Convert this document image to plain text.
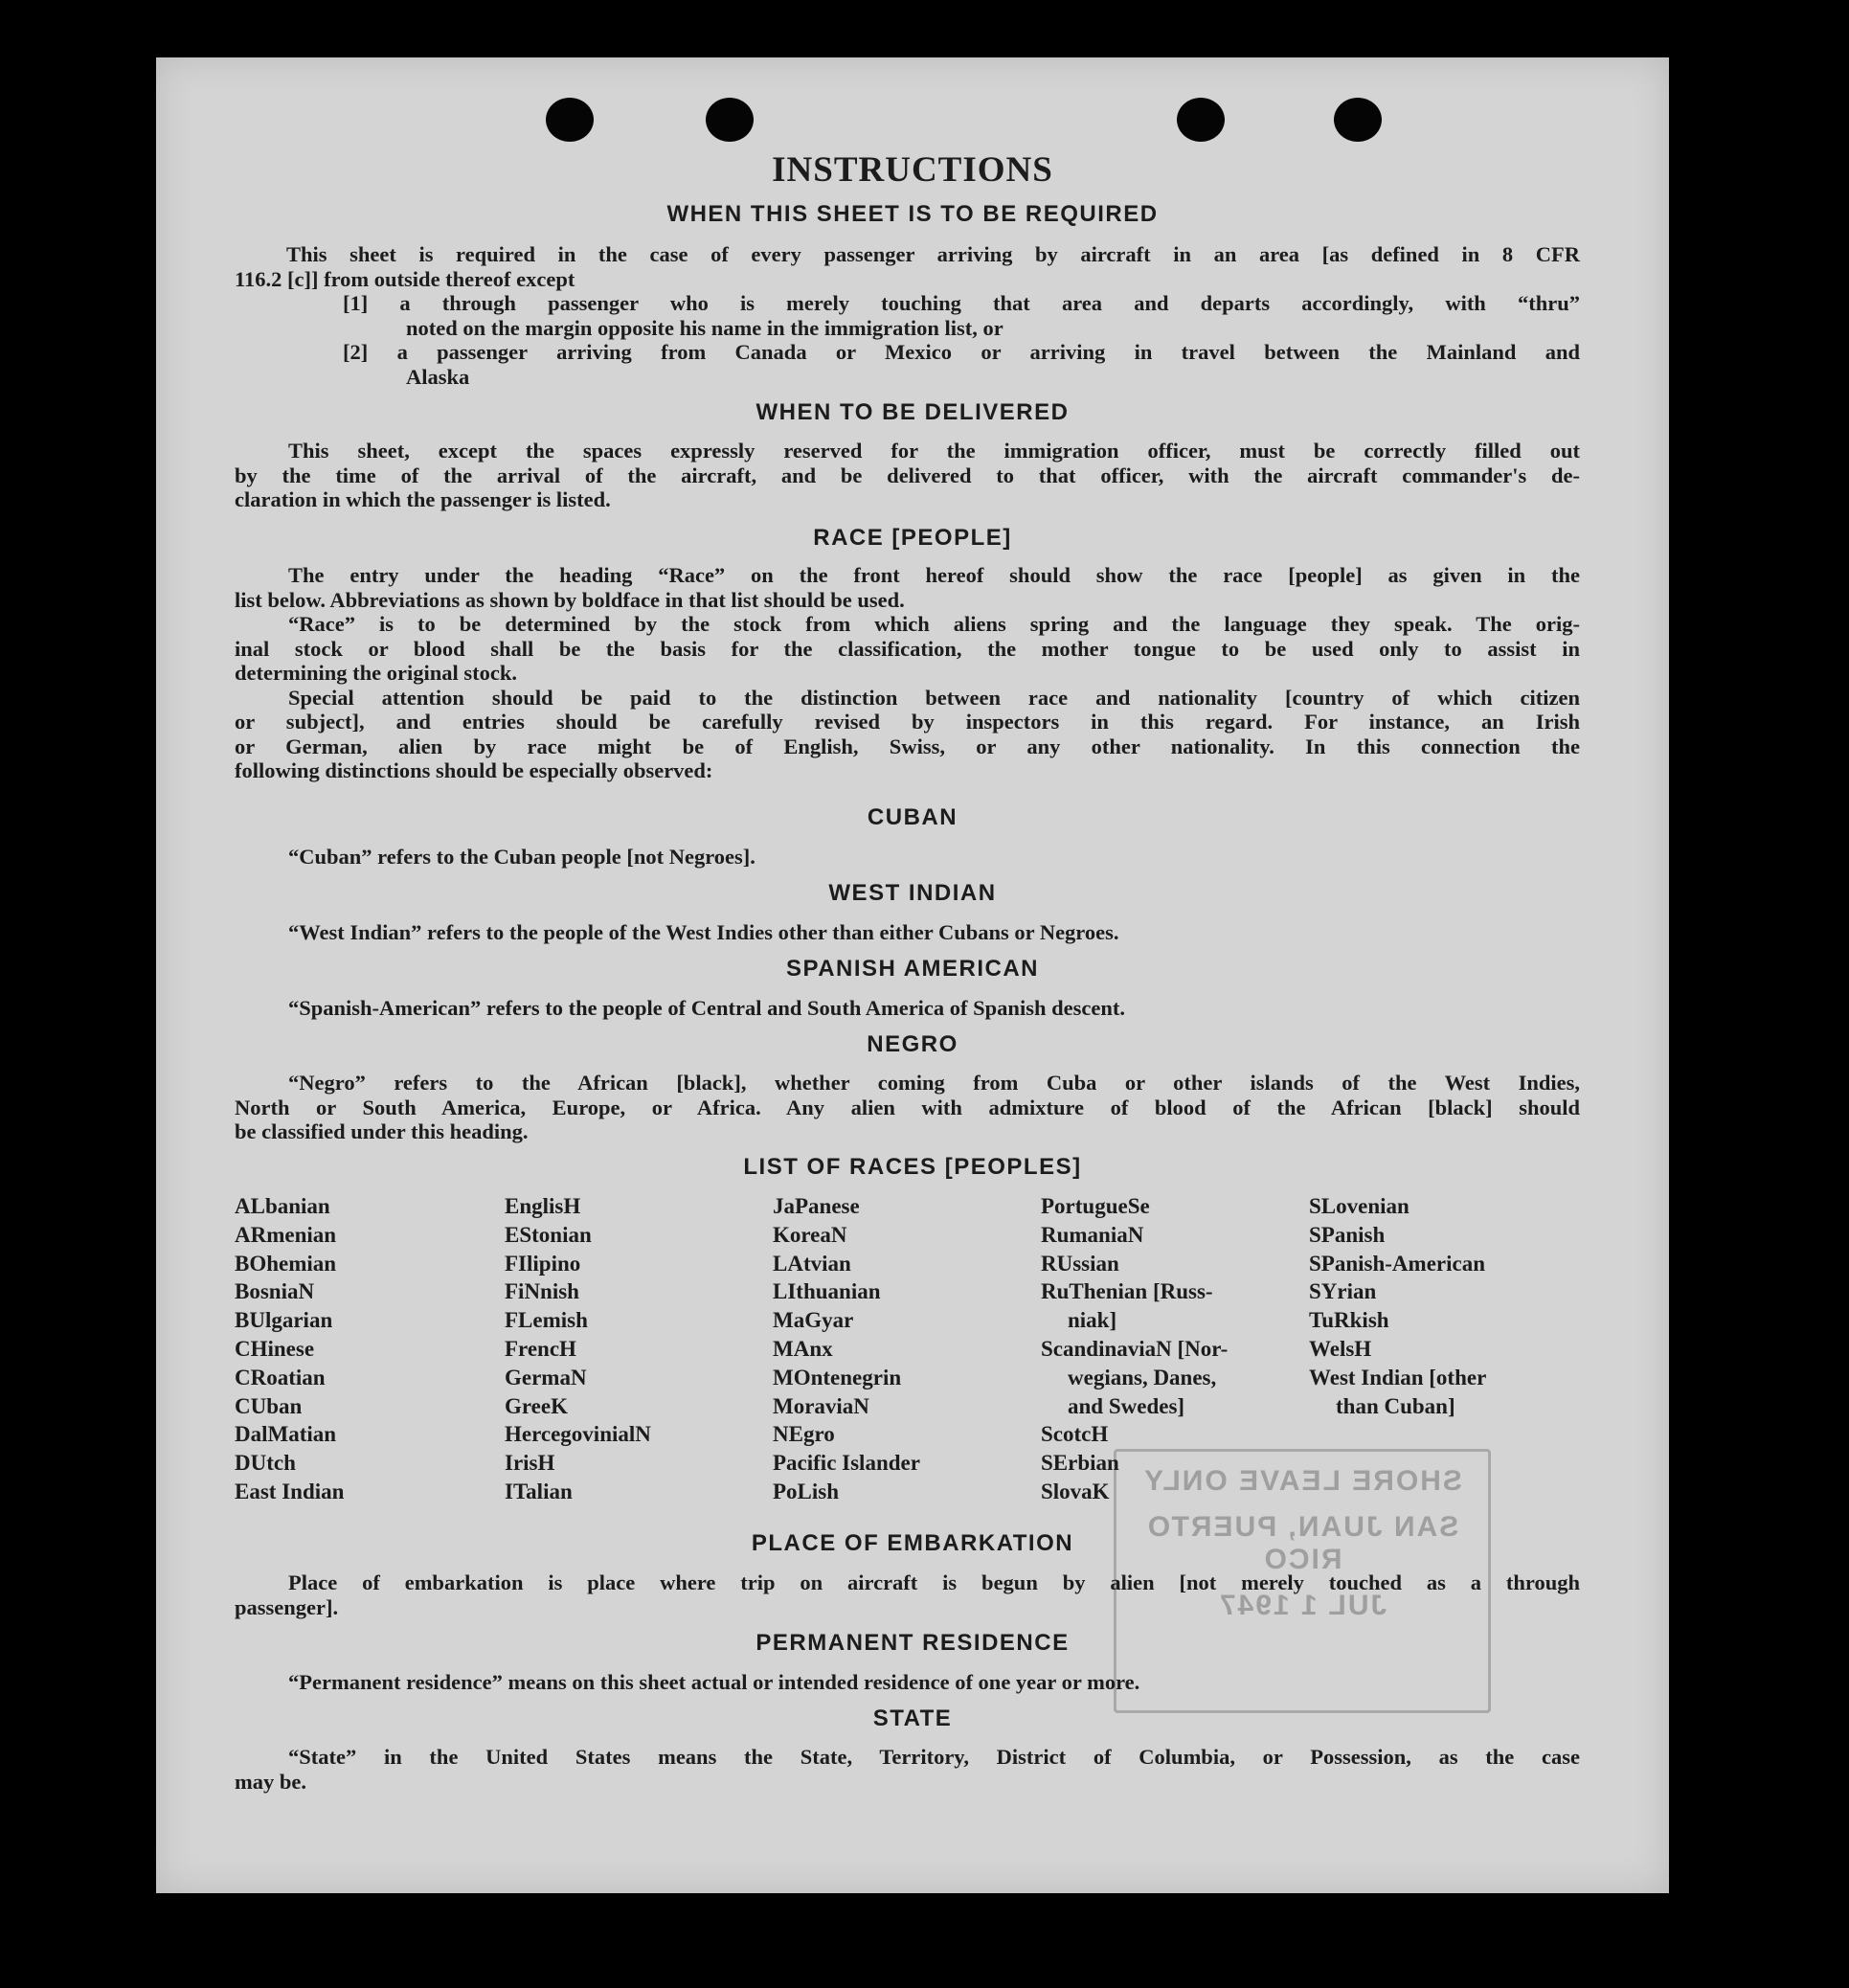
SHORE LEAVE ONLY
SAN JUAN, PUERTO RICO
JUL 1 1947
INSTRUCTIONS
WHEN THIS SHEET IS TO BE REQUIRED
This sheet is required in the case of every passenger arriving by aircraft in an area [as defined in 8 CFR
116.2 [c]] from outside thereof except
[1] a through passenger who is merely touching that area and departs accordingly, with “thru”
noted on the margin opposite his name in the immigration list, or
[2] a passenger arriving from Canada or Mexico or arriving in travel between the Mainland and
Alaska
WHEN TO BE DELIVERED
This sheet, except the spaces expressly reserved for the immigration officer, must be correctly filled out
by the time of the arrival of the aircraft, and be delivered to that officer, with the aircraft commander's de-
claration in which the passenger is listed.
RACE [PEOPLE]
The entry under the heading “Race” on the front hereof should show the race [people] as given in the
list below. Abbreviations as shown by boldface in that list should be used.
“Race” is to be determined by the stock from which aliens spring and the language they speak. The orig-
inal stock or blood shall be the basis for the classification, the mother tongue to be used only to assist in
determining the original stock.
Special attention should be paid to the distinction between race and nationality [country of which citizen
or subject], and entries should be carefully revised by inspectors in this regard. For instance, an Irish
or German, alien by race might be of English, Swiss, or any other nationality. In this connection the
following distinctions should be especially observed:
CUBAN
“Cuban” refers to the Cuban people [not Negroes].
WEST INDIAN
“West Indian” refers to the people of the West Indies other than either Cubans or Negroes.
SPANISH AMERICAN
“Spanish-American” refers to the people of Central and South America of Spanish descent.
NEGRO
“Negro” refers to the African [black], whether coming from Cuba or other islands of the West Indies,
North or South America, Europe, or Africa. Any alien with admixture of blood of the African [black] should
be classified under this heading.
LIST OF RACES [PEOPLES]
ALbanian
ARmenian
BOhemian
BosniaN
BUlgarian
CHinese
CRoatian
CUban
DalMatian
DUtch
East Indian
EnglisH
EStonian
FIlipino
FiNnish
FLemish
FrencH
GermaN
GreeK
HercegovinialN
IrisH
ITalian
JaPanese
KoreaN
LAtvian
LIthuanian
MaGyar
MAnx
MOntenegrin
MoraviaN
NEgro
Pacific Islander
PoLish
PortugueSe
RumaniaN
RUssian
RuThenian [Russ-
niak]
ScandinaviaN [Nor-
wegians, Danes,
and Swedes]
ScotcH
SErbian
SlovaK
SLovenian
SPanish
SPanish-American
SYrian
TuRkish
WelsH
West Indian [other
than Cuban]
PLACE OF EMBARKATION
Place of embarkation is place where trip on aircraft is begun by alien [not merely touched as a through
passenger].
PERMANENT RESIDENCE
“Permanent residence” means on this sheet actual or intended residence of one year or more.
STATE
“State” in the United States means the State, Territory, District of Columbia, or Possession, as the case
may be.
